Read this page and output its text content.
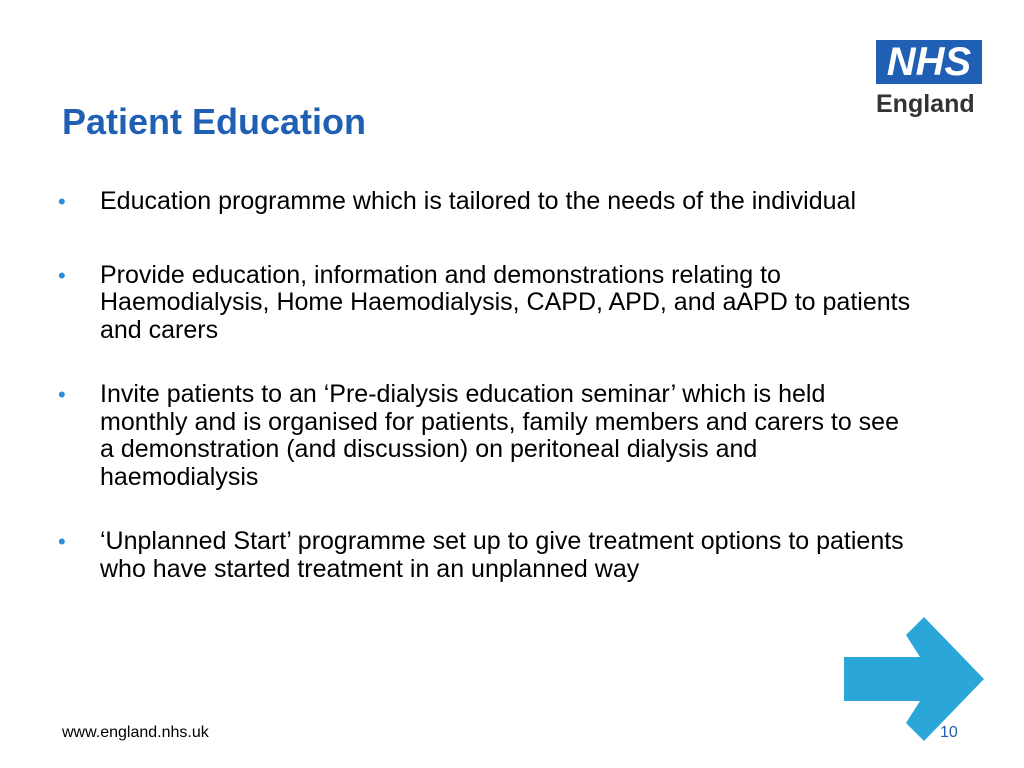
NHS
England
Patient Education
• Education programme which is tailored to the needs of the individual
• Provide education, information and demonstrations relating to Haemodialysis, Home Haemodialysis, CAPD, APD, and aAPD to patients and carers
• Invite patients to an ‘Pre-dialysis education seminar’ which is held monthly and is organised for patients, family members and carers to see a demonstration (and discussion) on peritoneal dialysis and haemodialysis
• ‘Unplanned Start’ programme set up to give treatment options to patients who have started treatment in an unplanned way
www.england.nhs.uk	10
